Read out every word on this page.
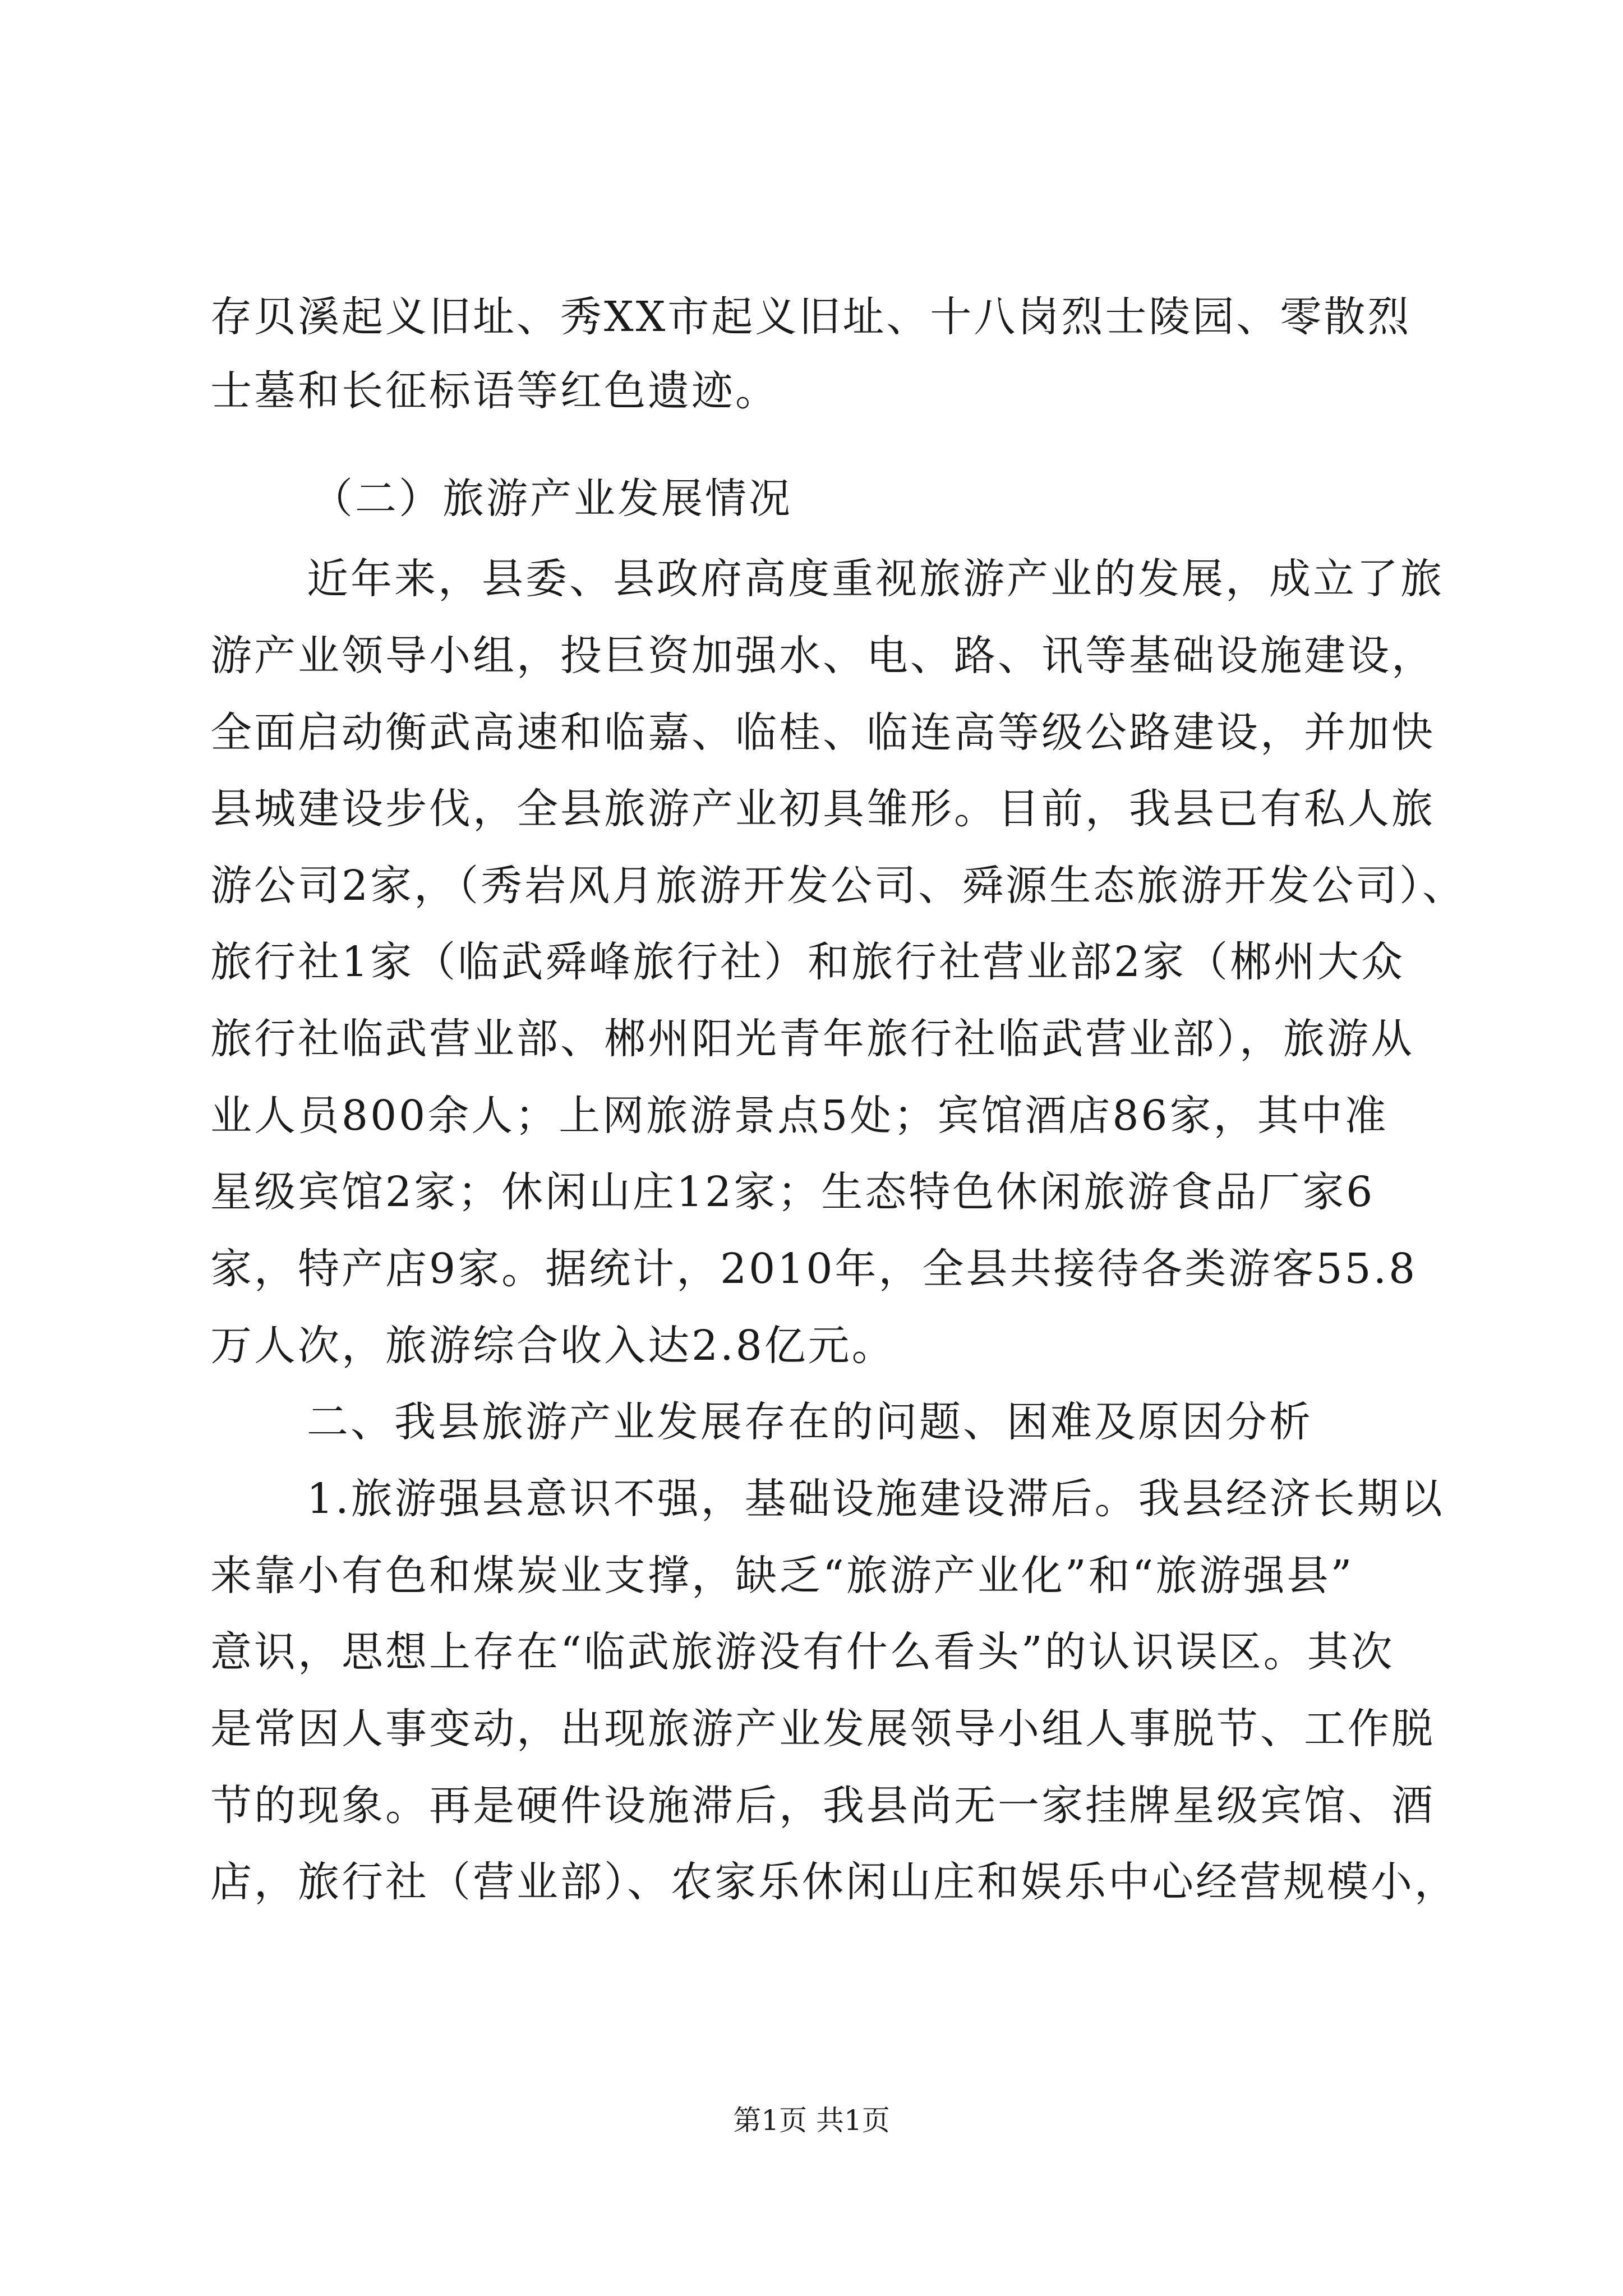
存贝溪起义旧址、秀XX市起义旧址、十八岗烈士陵园、零散烈
士墓和长征标语等红色遗迹。
（二）旅游产业发展情况
近年来，县委、县政府高度重视旅游产业的发展，成立了旅
游产业领导小组，投巨资加强水、电、路、讯等基础设施建设，
全面启动衡武高速和临嘉、临桂、临连高等级公路建设，并加快
县城建设步伐，全县旅游产业初具雏形。目前，我县已有私人旅
游公司2家，（秀岩风月旅游开发公司、舜源生态旅游开发公司）、
旅行社1家（临武舜峰旅行社）和旅行社营业部2家（郴州大众
旅行社临武营业部、郴州阳光青年旅行社临武营业部），旅游从
业人员800余人；上网旅游景点5处；宾馆酒店86家，其中准
星级宾馆2家；休闲山庄12家；生态特色休闲旅游食品厂家6
家，特产店9家。据统计，2010年，全县共接待各类游客55.8
万人次，旅游综合收入达2.8亿元。
二、我县旅游产业发展存在的问题、困难及原因分析
1.旅游强县意识不强，基础设施建设滞后。我县经济长期以
来靠小有色和煤炭业支撑，缺乏“旅游产业化”和“旅游强县”
意识，思想上存在“临武旅游没有什么看头”的认识误区。其次
是常因人事变动，出现旅游产业发展领导小组人事脱节、工作脱
节的现象。再是硬件设施滞后，我县尚无一家挂牌星级宾馆、酒
店，旅行社（营业部）、农家乐休闲山庄和娱乐中心经营规模小，
第1页 共1页
